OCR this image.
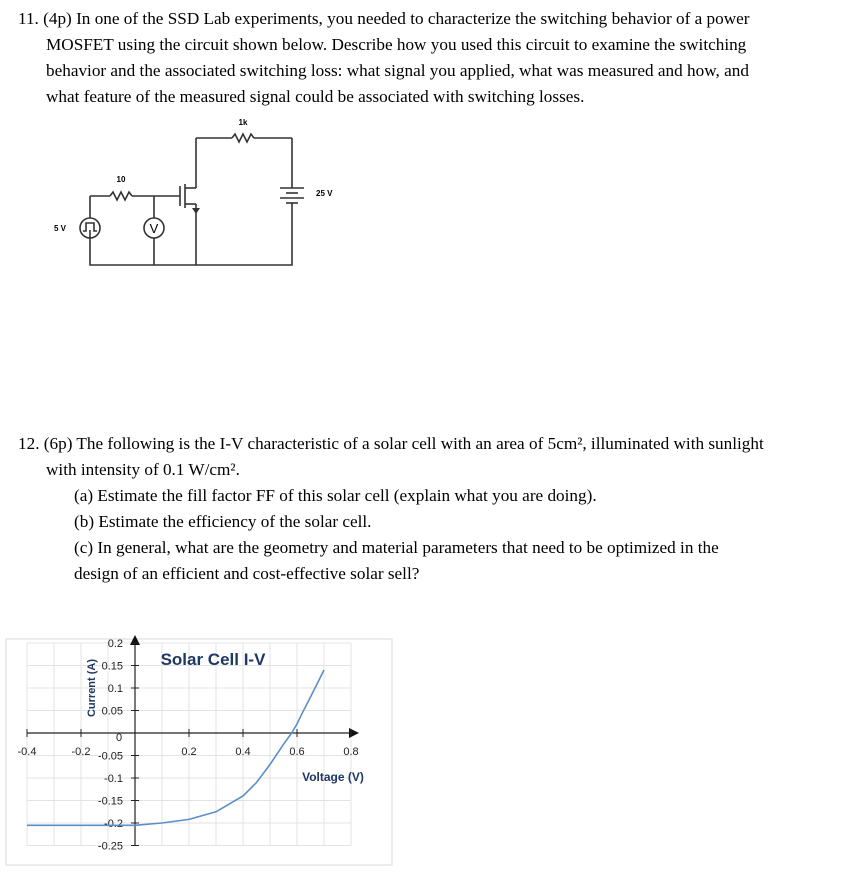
11. (4p) In one of the SSD Lab experiments, you needed to characterize the switching behavior of a power
MOSFET using the circuit shown below. Describe how you used this circuit to examine the switching
behavior and the associated switching loss: what signal you applied, what was measured and how, and
what feature of the measured signal could be associated with switching losses.
1k
10
25 V
5 V	V
12. (6p) The following is the I-V characteristic of a solar cell with an area of 5cm², illuminated with sunlight
with intensity of 0.1 W/cm².
(a) Estimate the fill factor FF of this solar cell (explain what you are doing).
(b) Estimate the efficiency of the solar cell.
(c) In general, what are the geometry and material parameters that need to be optimized in the
design of an efficient and cost-effective solar sell?
0.2
0.15
0.1
0.05
-0.05
-0.1
-0.15
-0.2
-0.25
-0.4	-0.2	0.2	0.4	0.6	0.8
0
Solar Cell I-V
Voltage (V)
Current (A)
